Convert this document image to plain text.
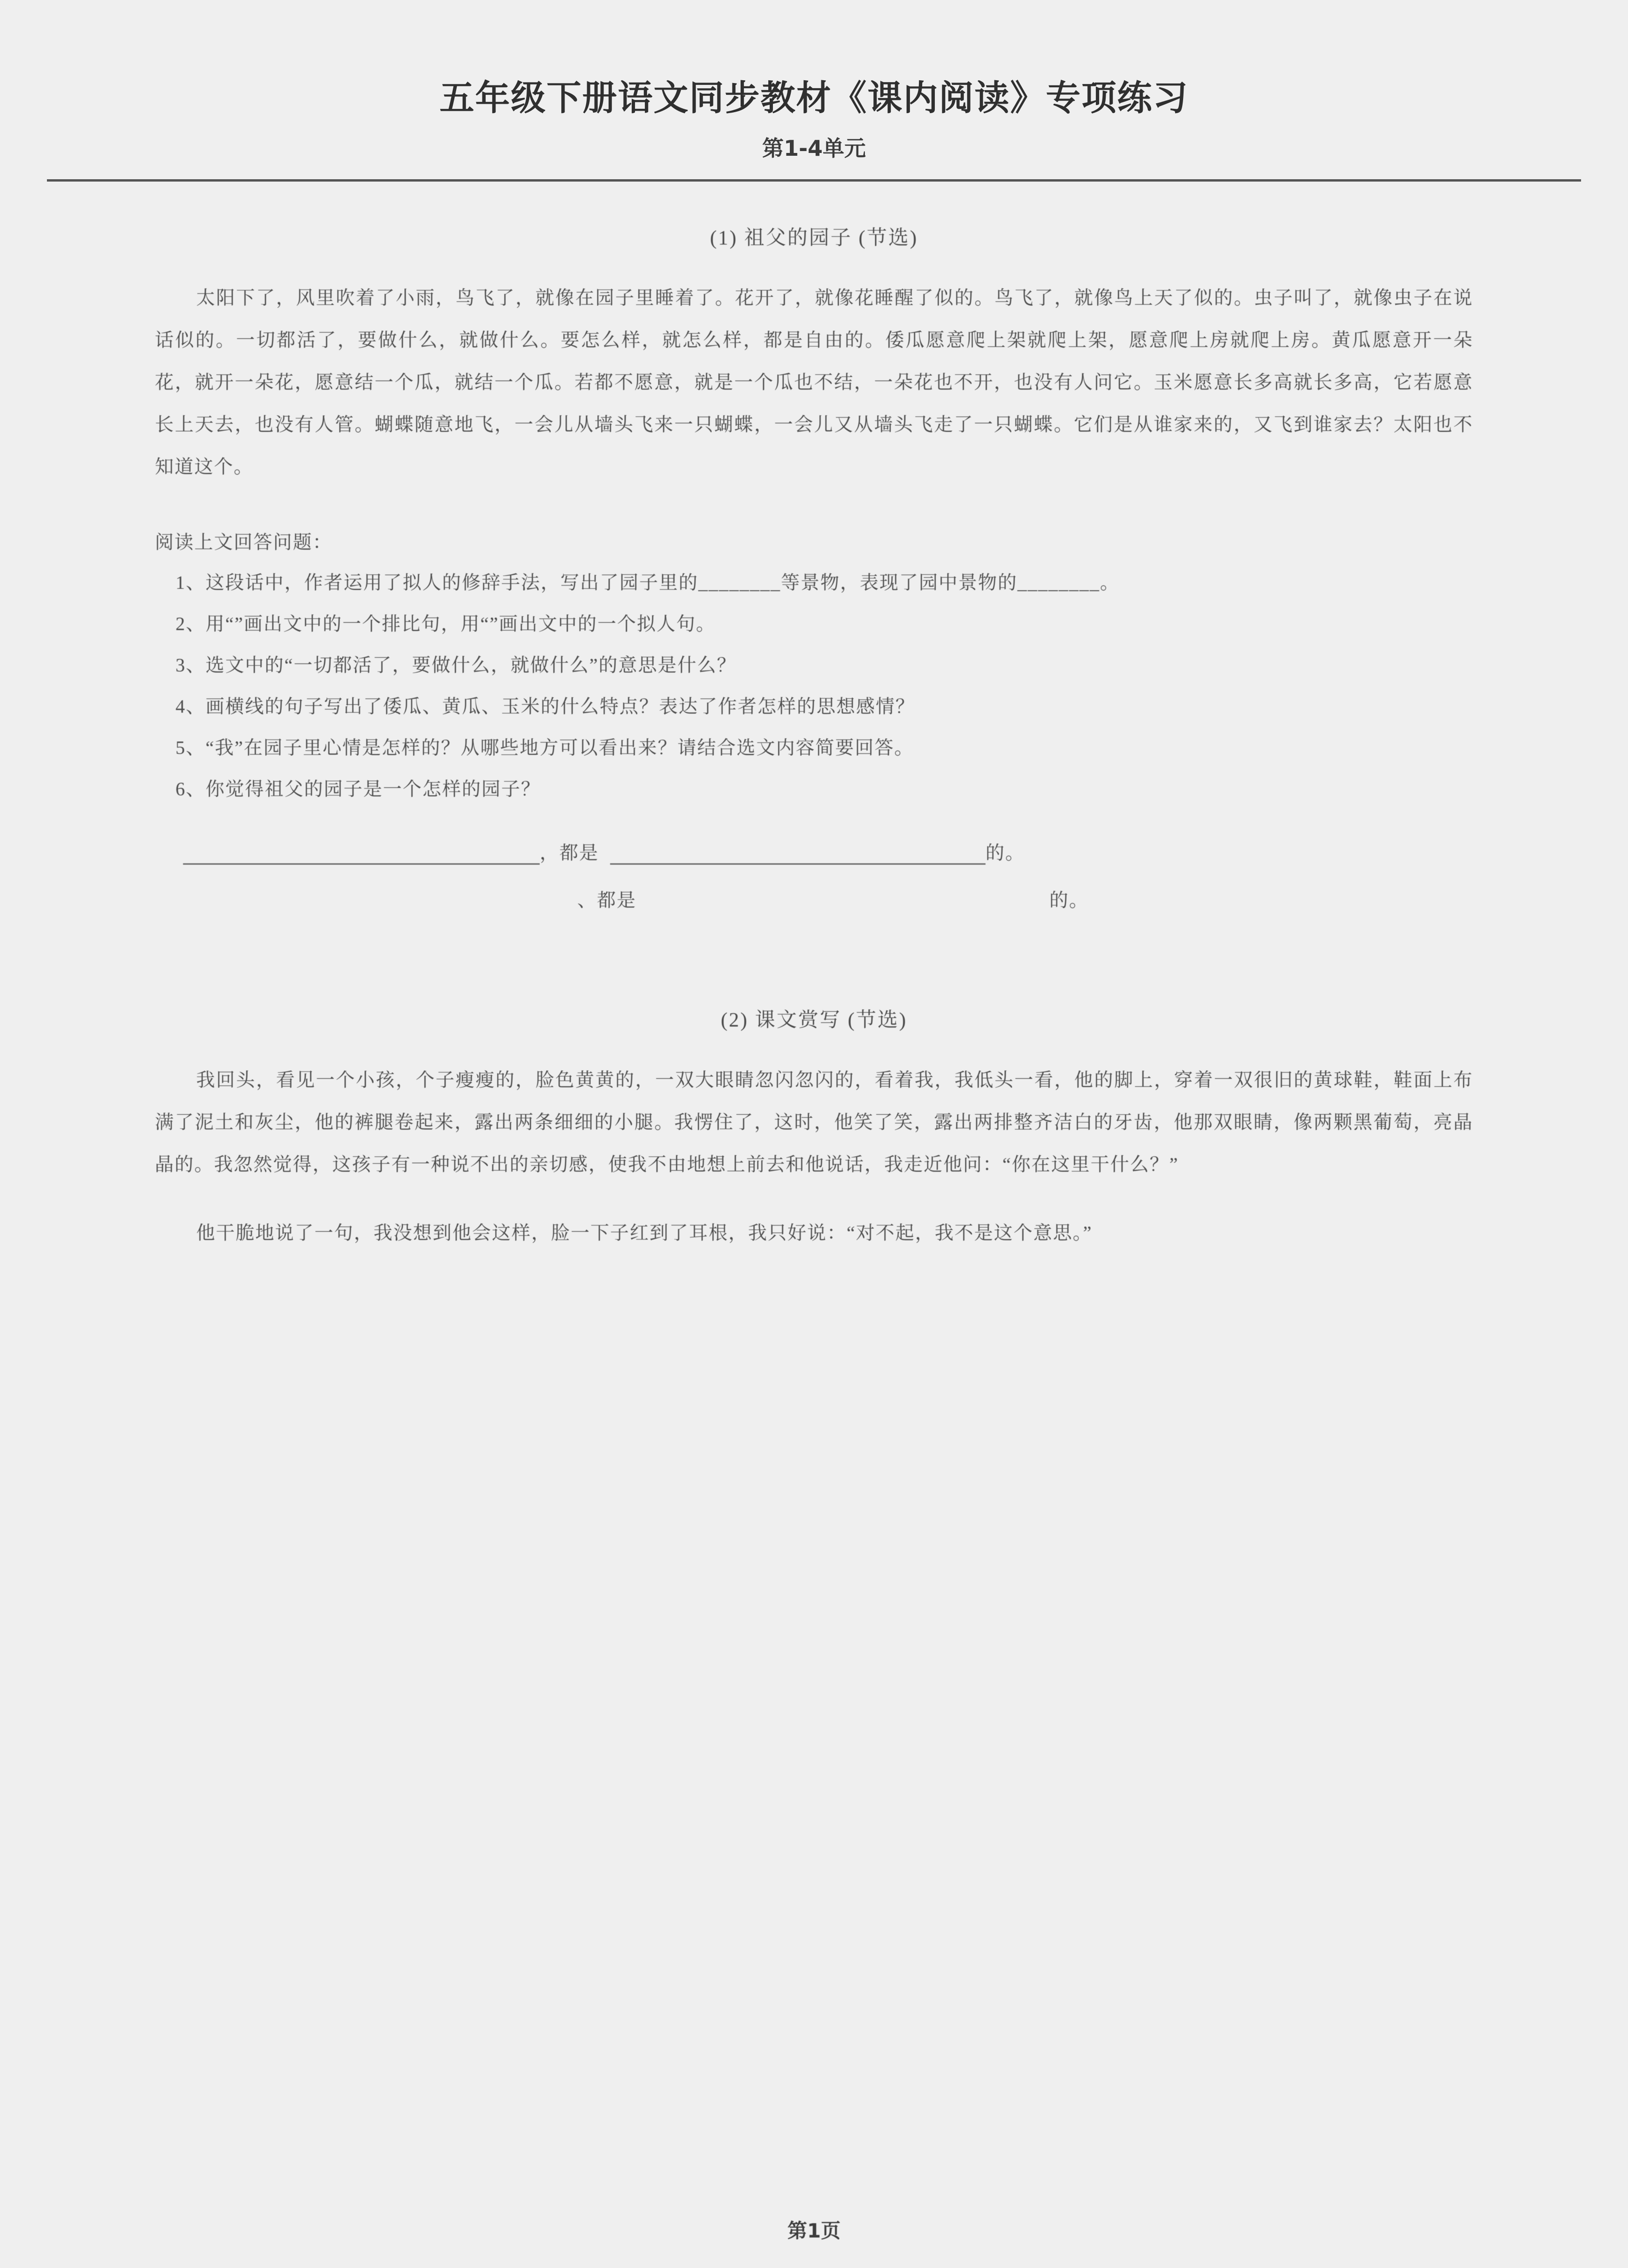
五年级下册语文同步教材《课内阅读》专项练习
第1-4单元
(1) 祖父的园子 (节选)

太阳下了，风里吹着了小雨，鸟飞了，就像在园子里睡着了。花开了，就像花睡醒了似的。鸟飞了，就像鸟上天了似的。虫子叫了，就像虫子在说话似的。一切都活了，要做什么，就做什么。要怎么样，就怎么样，都是自由的。倭瓜愿意爬上架就爬上架，愿意爬上房就爬上房。黄瓜愿意开一朵花，就开一朵花，愿意结一个瓜，就结一个瓜。若都不愿意，就是一个瓜也不结，一朵花也不开，也没有人问它。玉米愿意长多高就长多高，它若愿意长上天去，也没有人管。蝴蝶随意地飞，一会儿从墙头飞来一只蝴蝶，一会儿又从墙头飞走了一只蝴蝶。它们是从谁家来的，又飞到谁家去？太阳也不知道这个。

阅读上文回答问题：
1、这段话中，作者运用了拟人的修辞手法，写出了园子里的________等景物，表现了园中景物的________。
2、用“”画出文中的一个排比句，用“”画出文中的一个拟人句。
3、选文中的“一切都活了，要做什么，就做什么”的意思是什么？
4、画横线的句子写出了倭瓜、黄瓜、玉米的什么特点？表达了作者怎样的思想感情？
5、“我”在园子里心情是怎样的？从哪些地方可以看出来？请结合选文内容简要回答。
6、你觉得祖父的园子是一个怎样的园子？
，都是	的。
、都是	的。
(2) 课文赏写 (节选)

我回头，看见一个小孩，个子瘦瘦的，脸色黄黄的，一双大眼睛忽闪忽闪的，看着我，我低头一看，他的脚上，穿着一双很旧的黄球鞋，鞋面上布满了泥土和灰尘，他的裤腿卷起来，露出两条细细的小腿。我愣住了，这时，他笑了笑，露出两排整齐洁白的牙齿，他那双眼睛，像两颗黑葡萄，亮晶晶的。我忽然觉得，这孩子有一种说不出的亲切感，使我不由地想上前去和他说话，我走近他问：“你在这里干什么？”

他干脆地说了一句，我没想到他会这样，脸一下子红到了耳根，我只好说：“对不起，我不是这个意思。”

第1页
